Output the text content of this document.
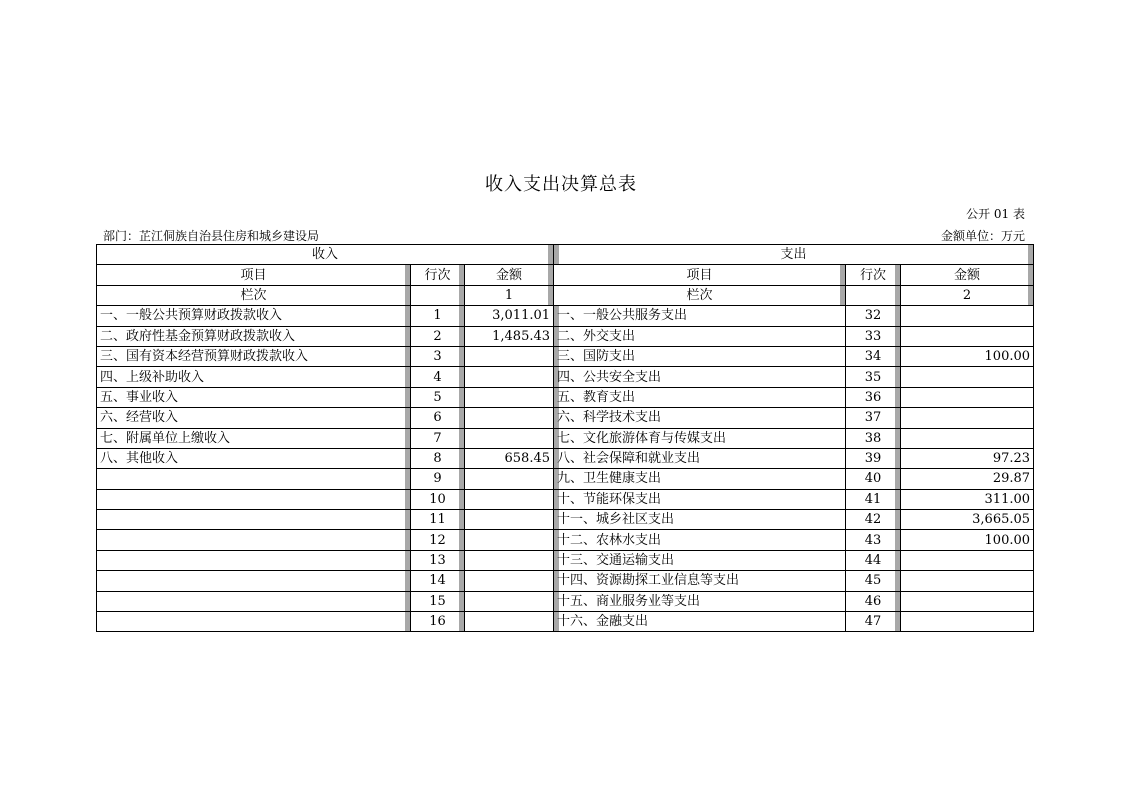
收入支出决算总表
公开 01 表
部门：芷江侗族自治县住房和城乡建设局	金额单位：万元
收入			支出		
项目	行次	金额	项目	行次	金额
栏次		1	栏次		2
一、一般公共预算财政拨款收入	1	3,011.01	一、一般公共服务支出	32	
二、政府性基金预算财政拨款收入	2	1,485.43	二、外交支出	33	
三、国有资本经营预算财政拨款收入	3		三、国防支出	34	100.00
四、上级补助收入	4		四、公共安全支出	35	
五、事业收入	5		五、教育支出	36	
六、经营收入	6		六、科学技术支出	37	
七、附属单位上缴收入	7		七、文化旅游体育与传媒支出	38	
八、其他收入	8	658.45	八、社会保障和就业支出	39	97.23
	9		九、卫生健康支出	40	29.87
	10		十、节能环保支出	41	311.00
	11		十一、城乡社区支出	42	3,665.05
	12		十二、农林水支出	43	100.00
	13		十三、交通运输支出	44	
	14		十四、资源勘探工业信息等支出	45	
	15		十五、商业服务业等支出	46	
	16		十六、金融支出	47	
